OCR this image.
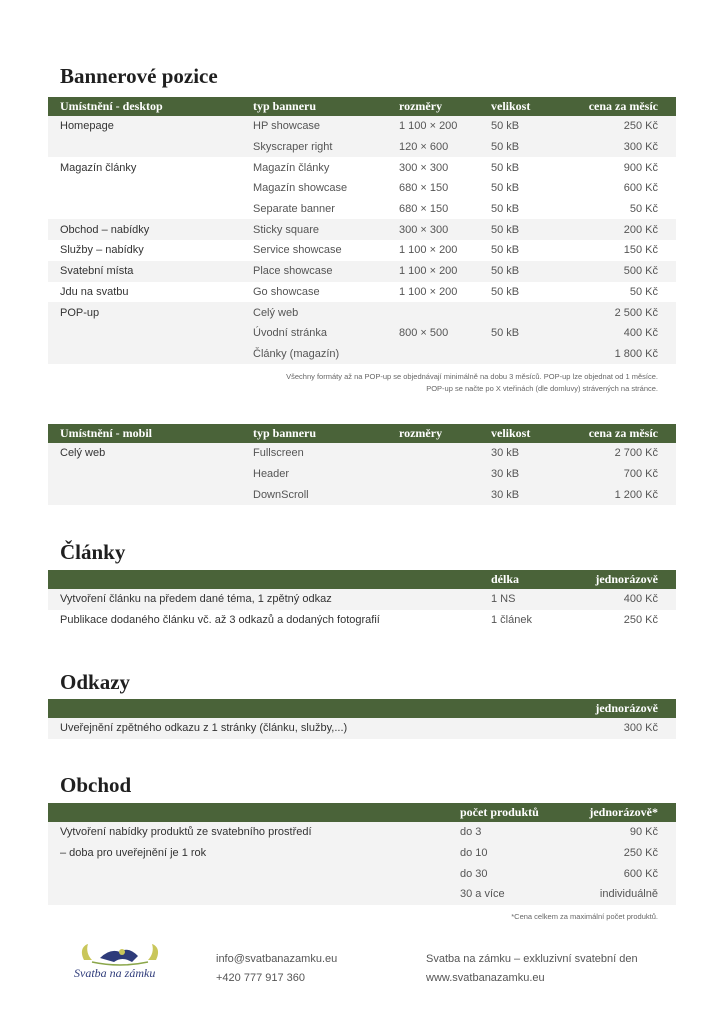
Bannerové pozice
Umístnění - desktop	typ banneru	rozměry	velikost	cena za měsíc
Homepage	HP showcase	1 100 × 200	50 kB	250 Kč
	Skyscraper right	120 × 600	50 kB	300 Kč
Magazín články	Magazín články	300 × 300	50 kB	900 Kč
	Magazín showcase	680 × 150	50 kB	600 Kč
	Separate banner	680 × 150	50 kB	50 Kč
Obchod – nabídky	Sticky square	300 × 300	50 kB	200 Kč
Služby – nabídky	Service showcase	1 100 × 200	50 kB	150 Kč
Svatební místa	Place showcase	1 100 × 200	50 kB	500 Kč
Jdu na svatbu	Go showcase	1 100 × 200	50 kB	50 Kč
POP-up	Celý web			2 500 Kč
	Úvodní stránka	800 × 500	50 kB	400 Kč
	Články (magazín)			1 800 Kč
Všechny formáty až na POP-up se objednávají minimálně na dobu 3 měsíců. POP-up lze objednat od 1 měsíce.
POP-up se načte po X vteřinách (dle domluvy) strávených na stránce.
Umístnění - mobil	typ banneru	rozměry	velikost	cena za měsíc
Celý web	Fullscreen		30 kB	2 700 Kč
	Header		30 kB	700 Kč
	DownScroll		30 kB	1 200 Kč
Články
	délka	jednorázově
Vytvoření článku na předem dané téma, 1 zpětný odkaz	1 NS	400 Kč
Publikace dodaného článku vč. až 3 odkazů a dodaných fotografií	1 článek	250 Kč
Odkazy
	jednorázově
Uveřejnění zpětného odkazu z 1 stránky (článku, služby,...)	300 Kč
Obchod
	počet produktů	jednorázově*
Vytvoření nabídky produktů ze svatebního prostředí	do 3	90 Kč
– doba pro uveřejnění je 1 rok	do 10	250 Kč
	do 30	600 Kč
	30 a více	individuálně
*Cena celkem za maximální počet produktů.
Svatba na zámku
info@svatbanazamku.eu
+420 777 917 360
Svatba na zámku – exkluzivní svatební den
www.svatbanazamku.eu
